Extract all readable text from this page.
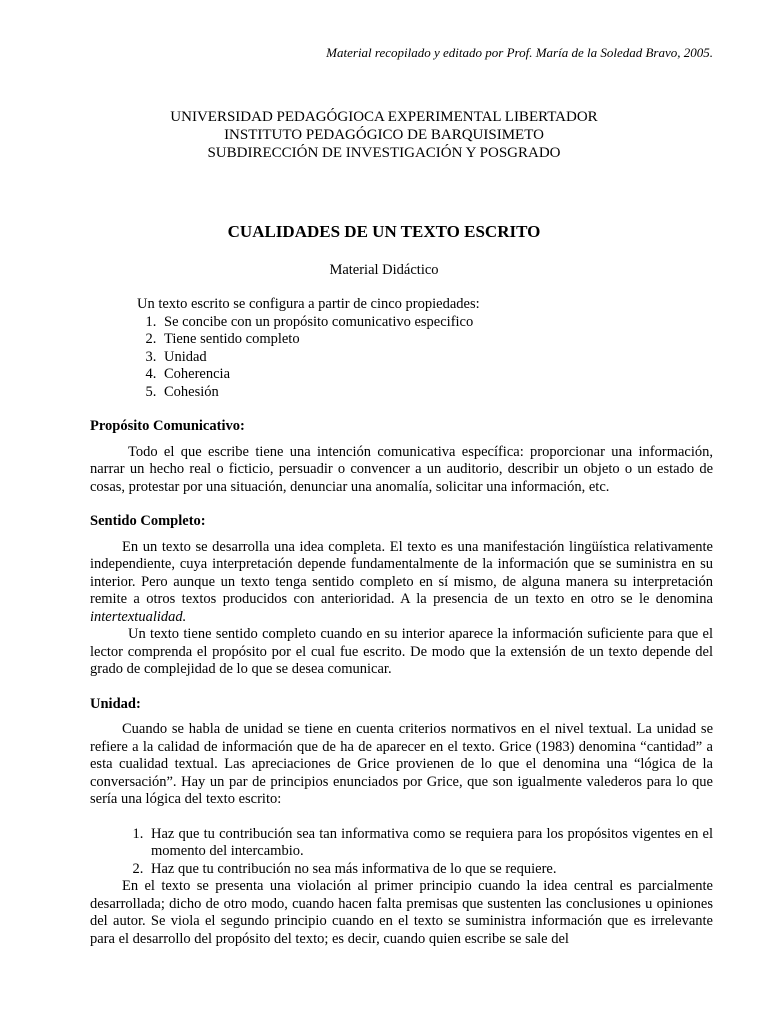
Material recopilado y editado por Prof. María de la Soledad Bravo, 2005.
UNIVERSIDAD PEDAGÓGIOCA EXPERIMENTAL LIBERTADOR
INSTITUTO PEDAGÓGICO DE BARQUISIMETO
SUBDIRECCIÓN DE INVESTIGACIÓN Y POSGRADO
CUALIDADES DE UN TEXTO ESCRITO
Material Didáctico

Un texto escrito se configura a partir de cinco propiedades:

1. Se concibe con un propósito comunicativo especifico
2. Tiene sentido completo
3. Unidad
4. Coherencia
5. Cohesión
Propósito Comunicativo:

Todo el que escribe tiene una intención comunicativa específica: proporcionar una información, narrar un hecho real o ficticio, persuadir o convencer a un auditorio, describir un objeto o un estado de cosas, protestar por una situación, denunciar una anomalía, solicitar una información, etc.

Sentido Completo:

En un texto se desarrolla una idea completa. El texto es una manifestación lingüística relativamente independiente, cuya interpretación depende fundamentalmente de la información que se suministra en su interior. Pero aunque un texto tenga sentido completo en sí mismo, de alguna manera su interpretación remite a otros textos producidos con anterioridad. A la presencia de un texto en otro se le denomina intertextualidad.

Un texto tiene sentido completo cuando en su interior aparece la información suficiente para que el lector comprenda el propósito por el cual fue escrito. De modo que la extensión de un texto depende del grado de complejidad de lo que se desea comunicar.

Unidad:

Cuando se habla de unidad se tiene en cuenta criterios normativos en el nivel textual. La unidad se refiere a la calidad de información que de ha de aparecer en el texto. Grice (1983) denomina “cantidad” a esta cualidad textual. Las apreciaciones de Grice provienen de lo que el denomina una “lógica de la conversación”. Hay un par de principios enunciados por Grice, que son igualmente valederos para lo que sería una lógica del texto escrito:

1. Haz que tu contribución sea tan informativa como se requiera para los propósitos vigentes en el momento del intercambio.
2. Haz que tu contribución no sea más informativa de lo que se requiere.

En el texto se presenta una violación al primer principio cuando la idea central es parcialmente desarrollada; dicho de otro modo, cuando hacen falta premisas que sustenten las conclusiones u opiniones del autor. Se viola el segundo principio cuando en el texto se suministra información que es irrelevante para el desarrollo del propósito del texto; es decir, cuando quien escribe se sale del
